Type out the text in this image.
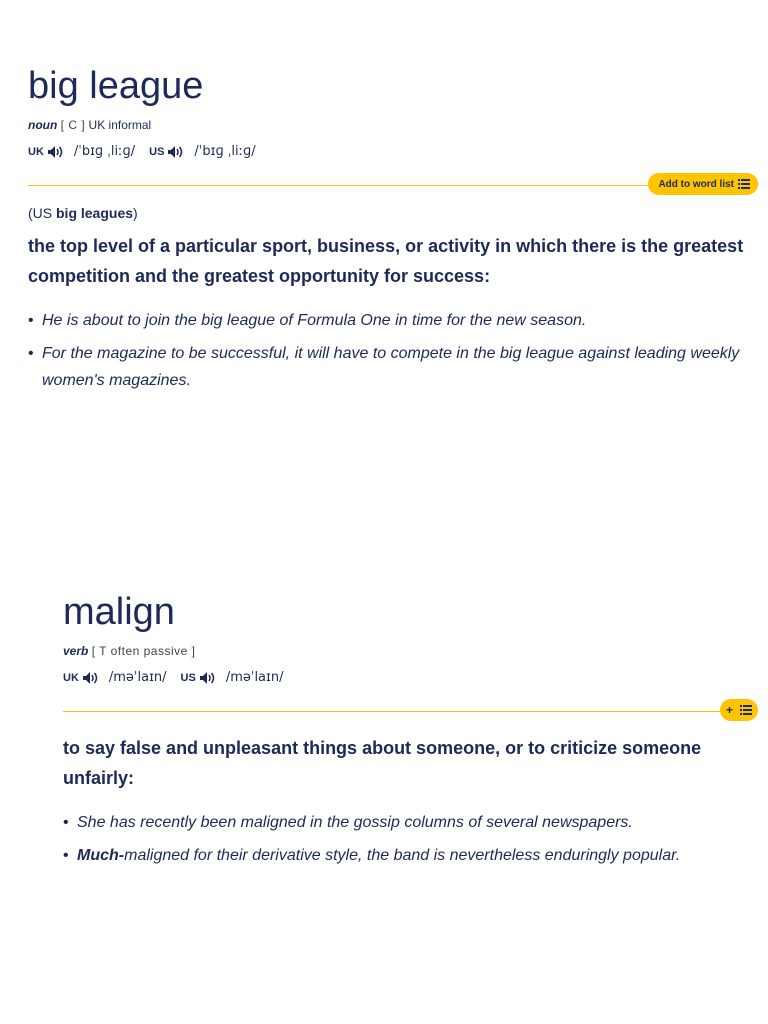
big league
noun [ C ] UK informal
UK /ˈbɪɡ ˌliːɡ/ US /ˈbɪɡ ˌliːɡ/
Add to word list
(US big leagues)
the top level of a particular sport, business, or activity in which there is the greatest competition and the greatest opportunity for success:
• He is about to join the big league of Formula One in time for the new season.
• For the magazine to be successful, it will have to compete in the big league against leading weekly women's magazines.
malign
verb [ T often passive ]
UK /məˈlaɪn/ US /məˈlaɪn/
+
to say false and unpleasant things about someone, or to criticize someone unfairly:
• She has recently been maligned in the gossip columns of several newspapers.
• Much-maligned for their derivative style, the band is nevertheless enduringly popular.
